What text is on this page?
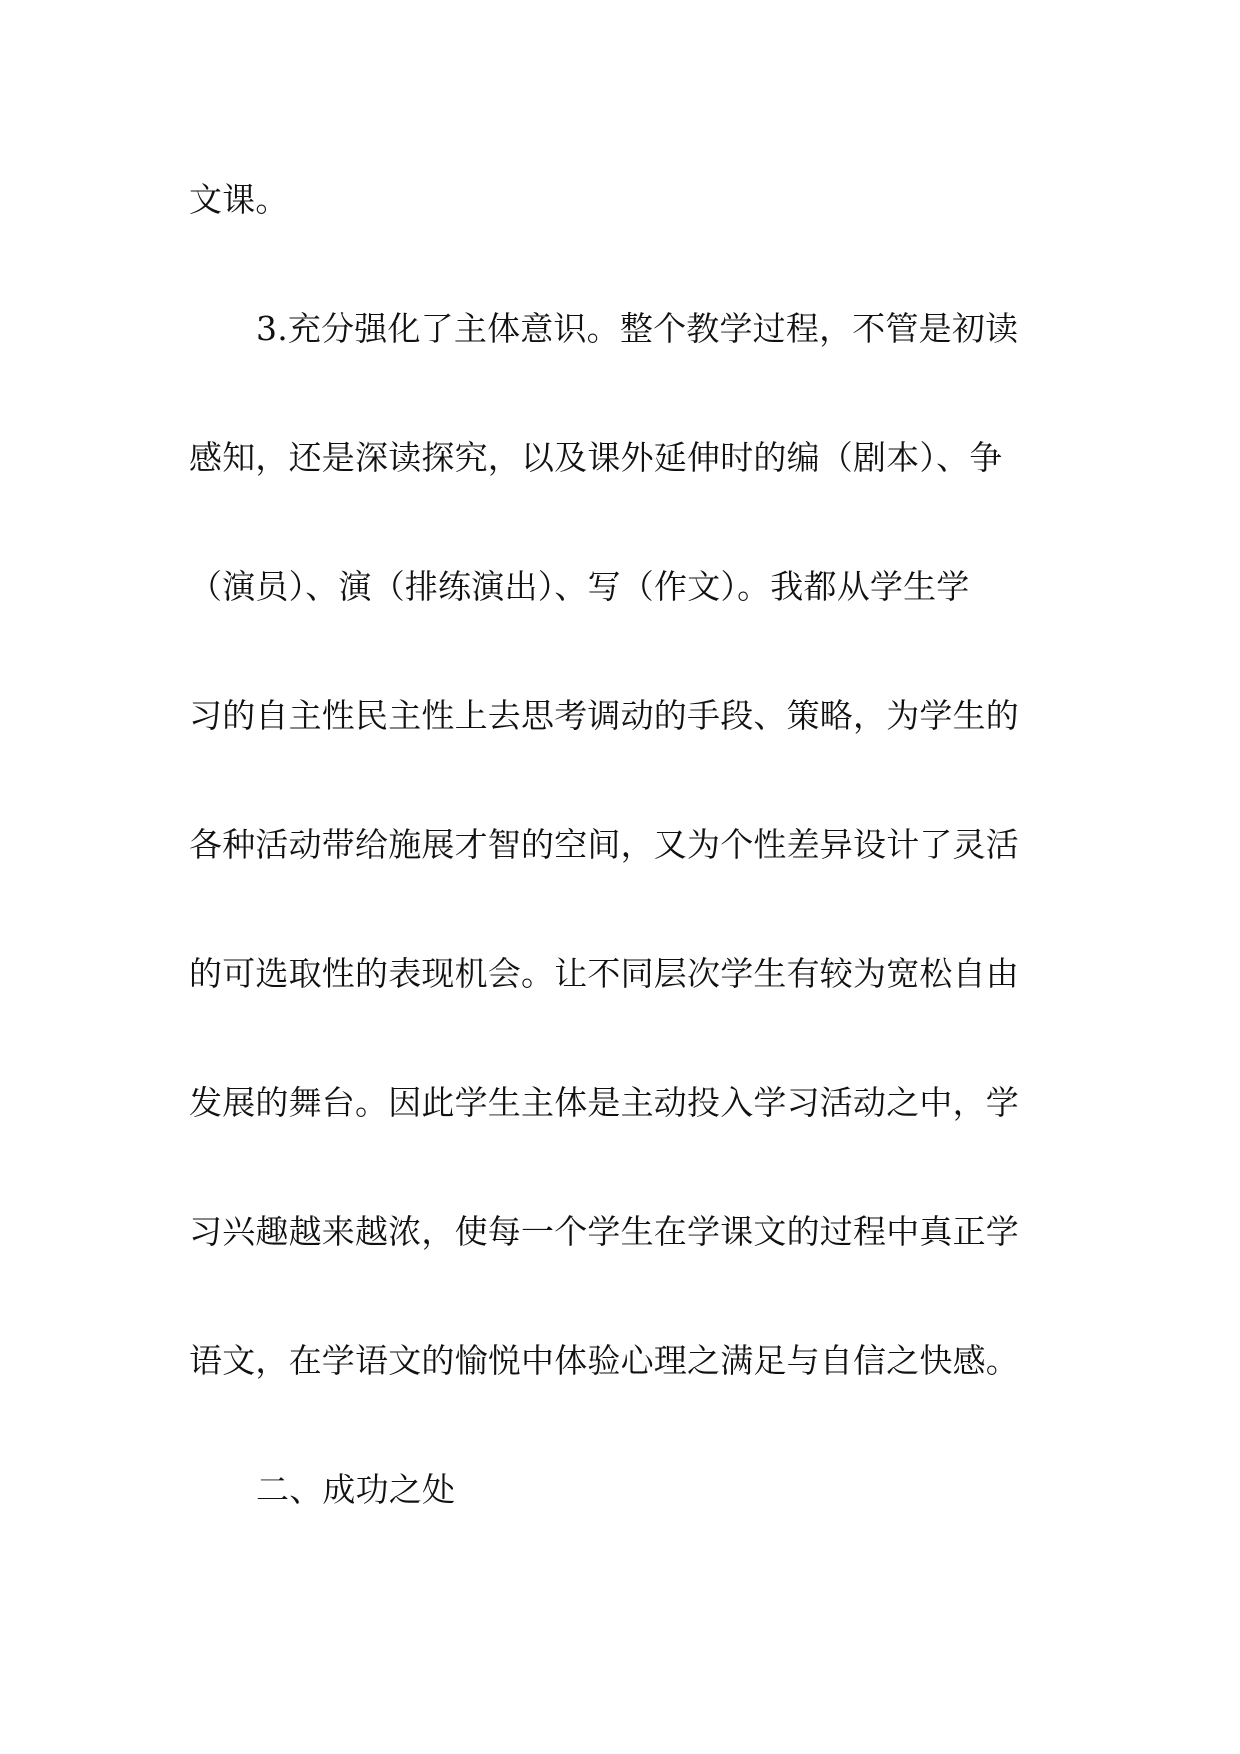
文课。
3.充分强化了主体意识。整个教学过程，不管是初读
感知，还是深读探究，以及课外延伸时的编（剧本）、争
（演员）、演（排练演出）、写（作文）。我都从学生学
习的自主性民主性上去思考调动的手段、策略，为学生的
各种活动带给施展才智的空间，又为个性差异设计了灵活
的可选取性的表现机会。让不同层次学生有较为宽松自由
发展的舞台。因此学生主体是主动投入学习活动之中，学
习兴趣越来越浓，使每一个学生在学课文的过程中真正学
语文，在学语文的愉悦中体验心理之满足与自信之快感。
二、成功之处
